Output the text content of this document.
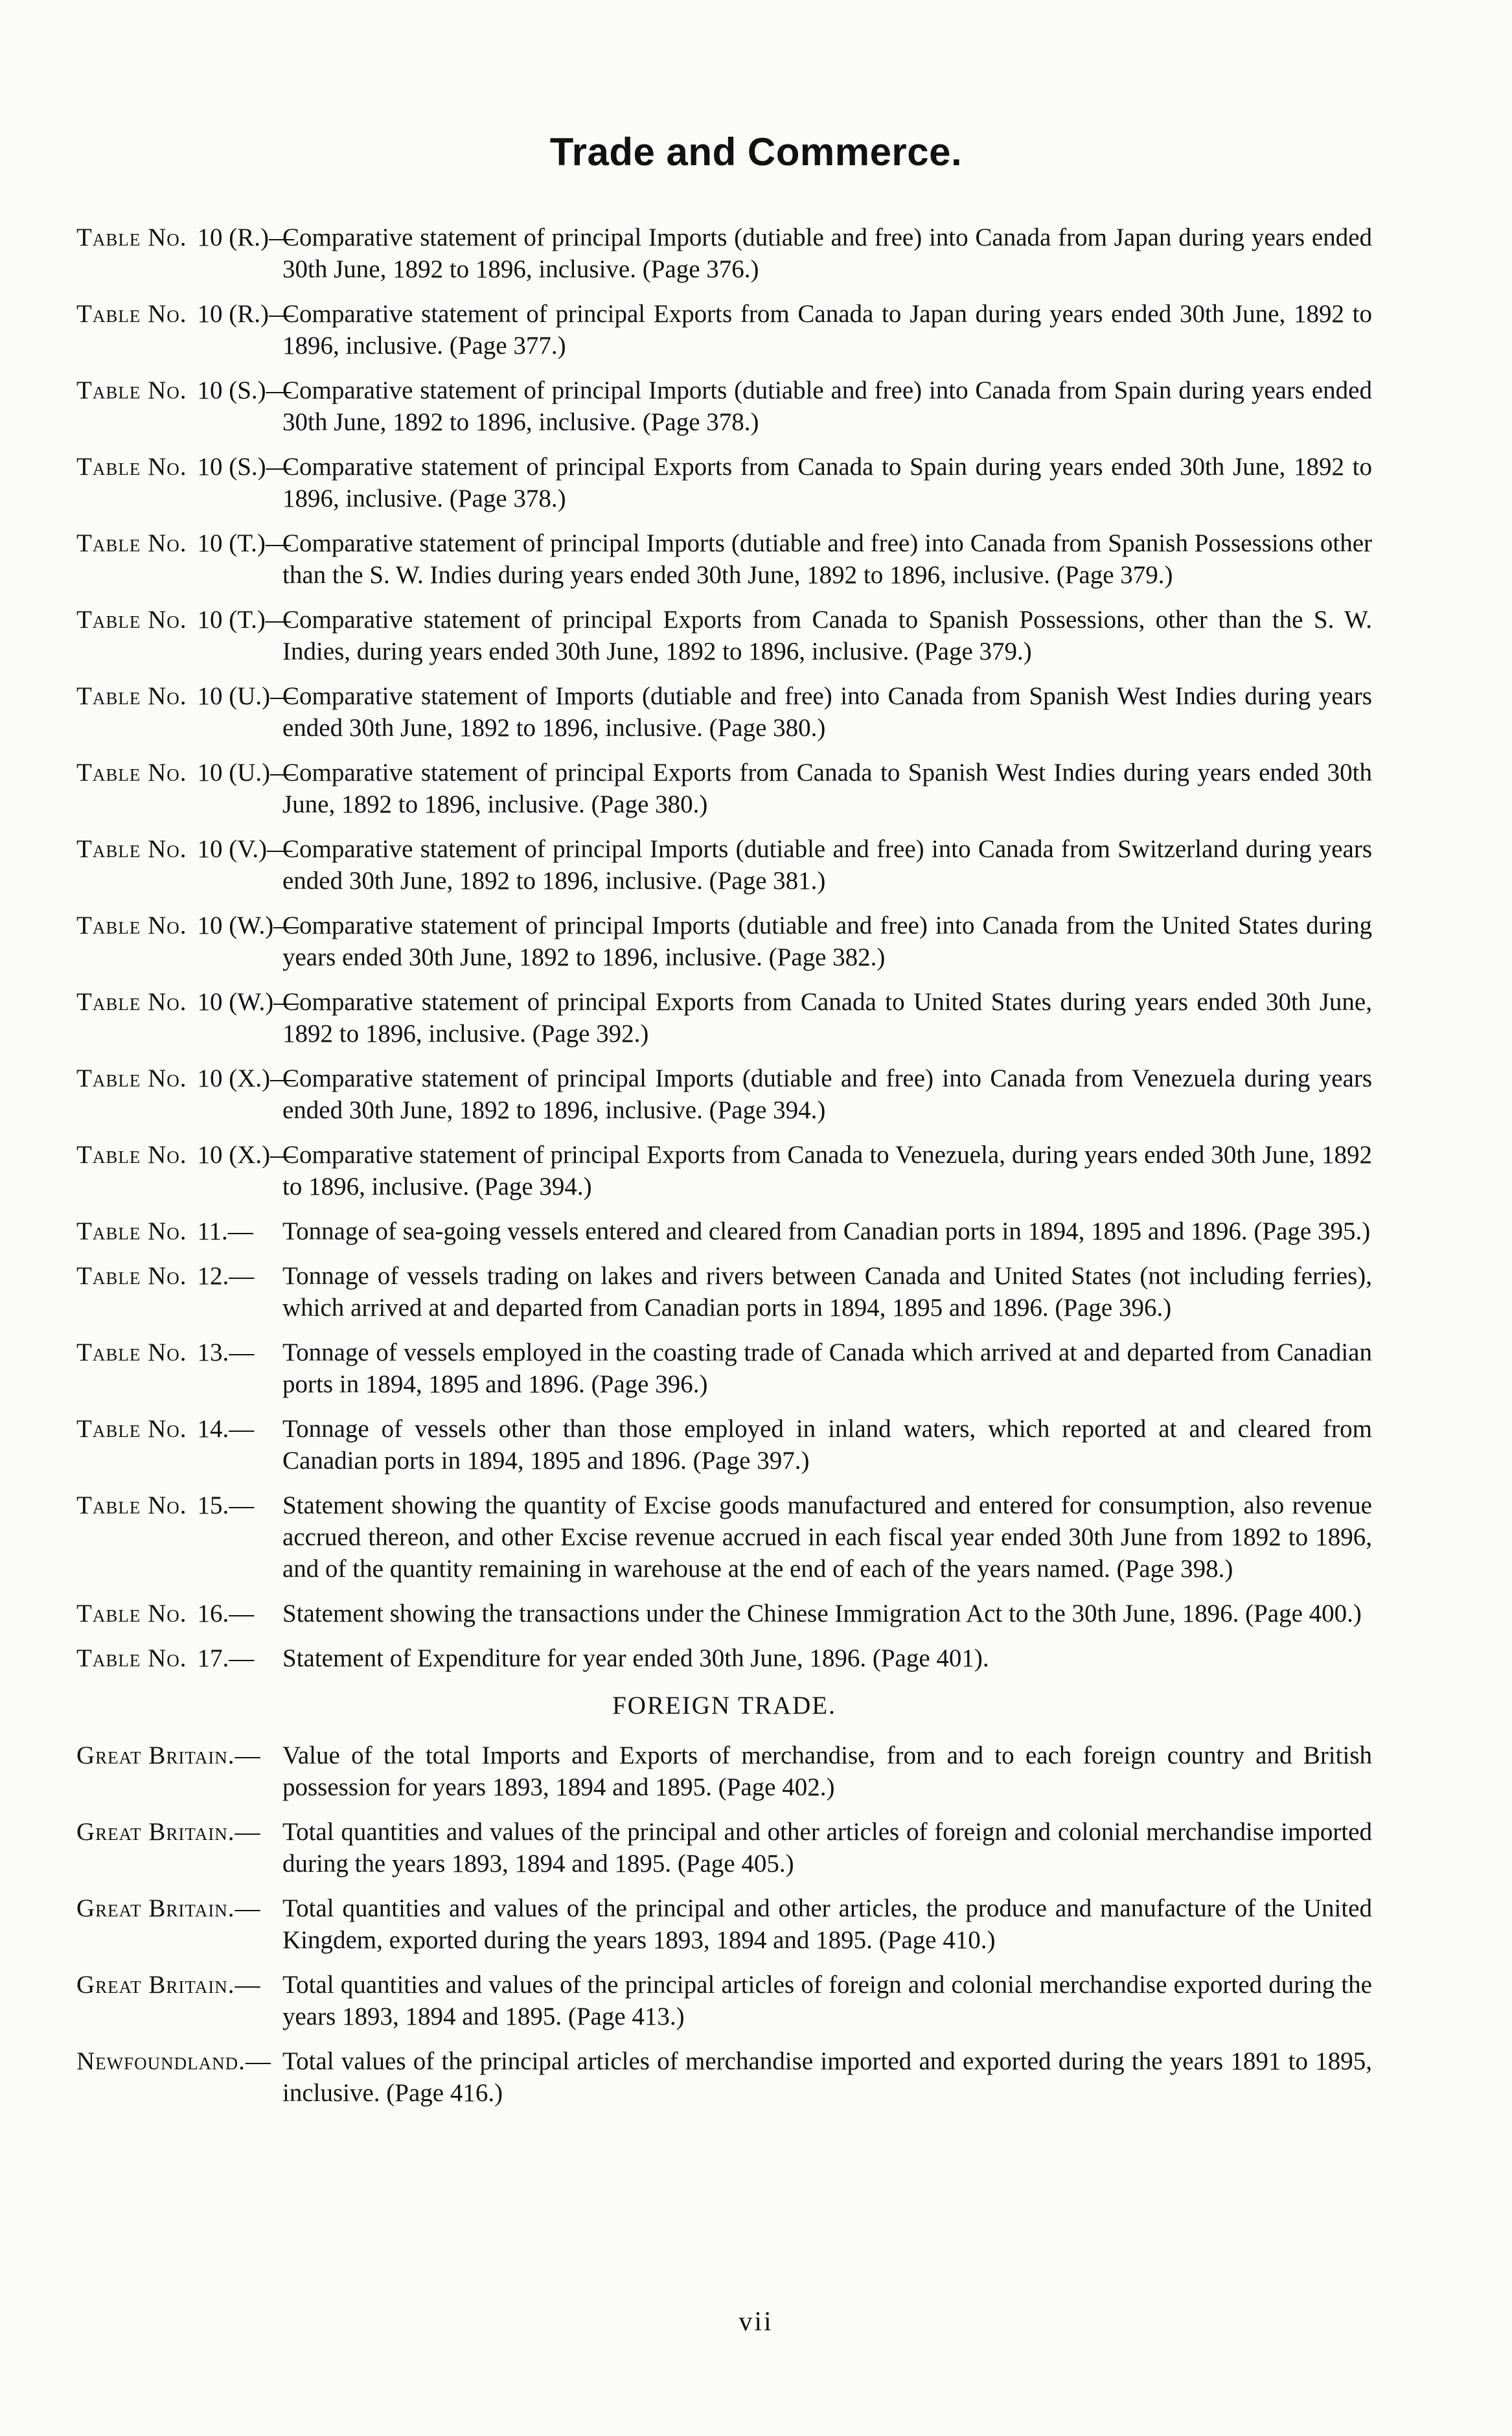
Trade and Commerce.
Table No. 10 (R.)—
Comparative statement of principal Imports (dutiable and free) into Canada from Japan during years ended 30th June, 1892 to 1896, inclusive. (Page 376.)
Table No. 10 (R.)—
Comparative statement of principal Exports from Canada to Japan during years ended 30th June, 1892 to 1896, inclusive. (Page 377.)
Table No. 10 (S.)—
Comparative statement of principal Imports (dutiable and free) into Canada from Spain during years ended 30th June, 1892 to 1896, inclusive. (Page 378.)
Table No. 10 (S.)—
Comparative statement of principal Exports from Canada to Spain during years ended 30th June, 1892 to 1896, inclusive. (Page 378.)
Table No. 10 (T.)—
Comparative statement of principal Imports (dutiable and free) into Canada from Spanish Possessions other than the S. W. Indies during years ended 30th June, 1892 to 1896, inclusive. (Page 379.)
Table No. 10 (T.)—
Comparative statement of principal Exports from Canada to Spanish Possessions, other than the S. W. Indies, during years ended 30th June, 1892 to 1896, inclusive. (Page 379.)
Table No. 10 (U.)—
Comparative statement of Imports (dutiable and free) into Canada from Spanish West Indies during years ended 30th June, 1892 to 1896, inclusive. (Page 380.)
Table No. 10 (U.)—
Comparative statement of principal Exports from Canada to Spanish West Indies during years ended 30th June, 1892 to 1896, inclusive. (Page 380.)
Table No. 10 (V.)—
Comparative statement of principal Imports (dutiable and free) into Canada from Switzerland during years ended 30th June, 1892 to 1896, inclusive. (Page 381.)
Table No. 10 (W.)—
Comparative statement of principal Imports (dutiable and free) into Canada from the United States during years ended 30th June, 1892 to 1896, inclusive. (Page 382.)
Table No. 10 (W.)—
Comparative statement of principal Exports from Canada to United States during years ended 30th June, 1892 to 1896, inclusive. (Page 392.)
Table No. 10 (X.)—
Comparative statement of principal Imports (dutiable and free) into Canada from Venezuela during years ended 30th June, 1892 to 1896, inclusive. (Page 394.)
Table No. 10 (X.)—
Comparative statement of principal Exports from Canada to Venezuela, during years ended 30th June, 1892 to 1896, inclusive. (Page 394.)
Table No. 11.— Tonnage of sea-going vessels entered and cleared from Canadian ports in 1894, 1895 and 1896. (Page 395.)
Table No. 12.— Tonnage of vessels trading on lakes and rivers between Canada and United States (not including ferries), which arrived at and departed from Canadian ports in 1894, 1895 and 1896. (Page 396.)
Table No. 13.— Tonnage of vessels employed in the coasting trade of Canada which arrived at and departed from Canadian ports in 1894, 1895 and 1896. (Page 396.)
Table No. 14.— Tonnage of vessels other than those employed in inland waters, which reported at and cleared from Canadian ports in 1894, 1895 and 1896. (Page 397.)
Table No. 15.— Statement showing the quantity of Excise goods manufactured and entered for consumption, also revenue accrued thereon, and other Excise revenue accrued in each fiscal year ended 30th June from 1892 to 1896, and of the quantity remaining in warehouse at the end of each of the years named. (Page 398.)
Table No. 16.— Statement showing the transactions under the Chinese Immigration Act to the 30th June, 1896. (Page 400.)
Table No. 17.— Statement of Expenditure for year ended 30th June, 1896. (Page 401).
FOREIGN TRADE.
Great Britain.— Value of the total Imports and Exports of merchandise, from and to each foreign country and British possession for years 1893, 1894 and 1895. (Page 402.)
Great Britain.— Total quantities and values of the principal and other articles of foreign and colonial merchandise imported during the years 1893, 1894 and 1895. (Page 405.)
Great Britain.— Total quantities and values of the principal and other articles, the produce and manufacture of the United Kingdem, exported during the years 1893, 1894 and 1895. (Page 410.)
Great Britain.— Total quantities and values of the principal articles of foreign and colonial merchandise exported during the years 1893, 1894 and 1895. (Page 413.)
Newfoundland.— Total values of the principal articles of merchandise imported and exported during the years 1891 to 1895, inclusive. (Page 416.)
vii
